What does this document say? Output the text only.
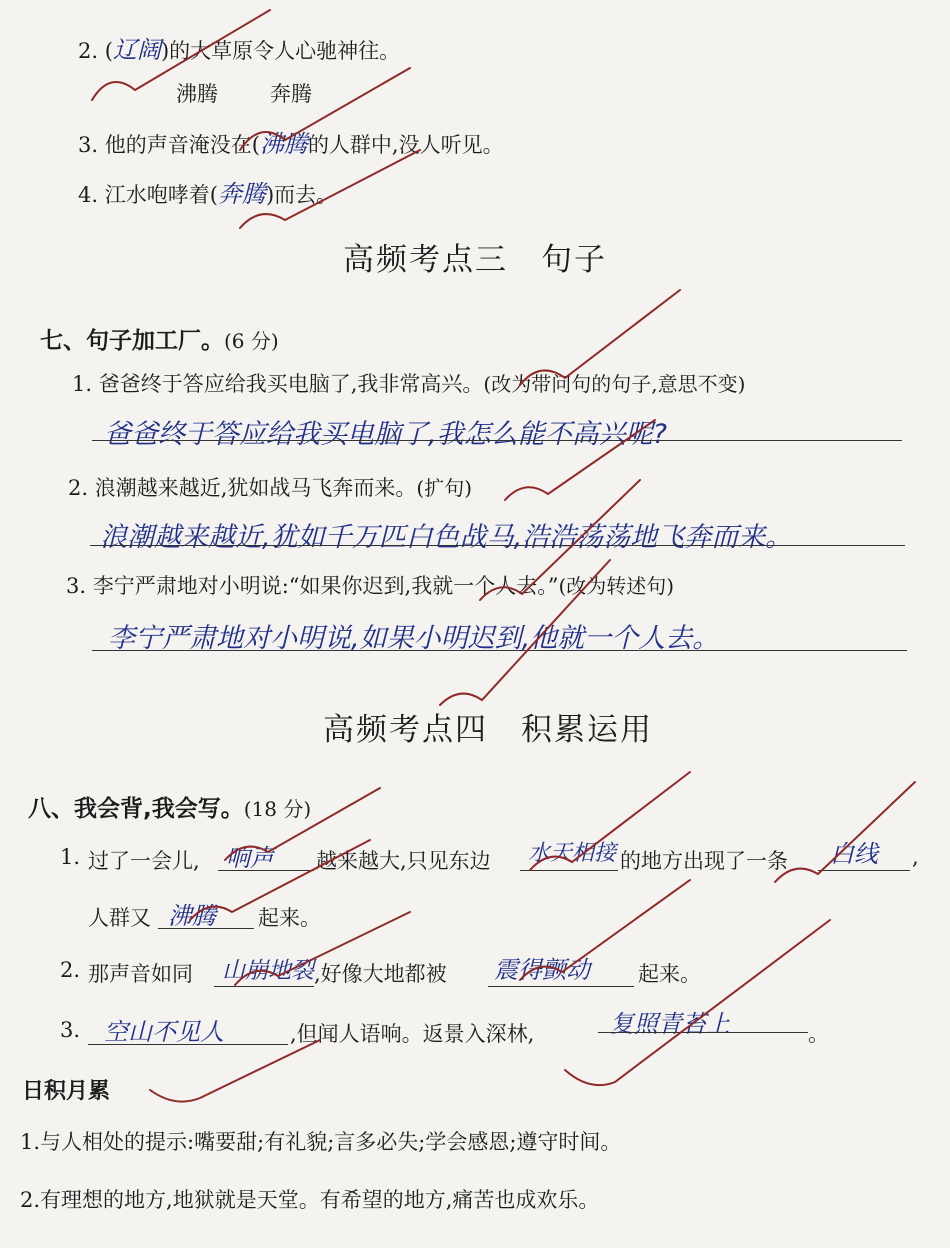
2. (辽阔)的大草原令人心驰神往。
沸腾 奔腾
3. 他的声音淹没在(沸腾的人群中,没人听见。
4. 江水咆哮着(奔腾)而去。
高频考点三　句子
七、句子加工厂。(6 分)
1. 爸爸终于答应给我买电脑了,我非常高兴。(改为带问句的句子,意思不变)
爸爸终于答应给我买电脑了,我怎么能不高兴呢?
2. 浪潮越来越近,犹如战马飞奔而来。(扩句)
浪潮越来越近,犹如千万匹白色战马,浩浩荡荡地飞奔而来。
3. 李宁严肃地对小明说:“如果你迟到,我就一个人去。”(改为转述句)
李宁严肃地对小明说,如果小明迟到,他就一个人去。
高频考点四　积累运用
八、我会背,我会写。(18 分)
1. 过了一会儿, 响声 越来越大,只见东边 水天相接 的地方出现了一条 白线 ,
人群又 沸腾 起来。
2. 那声音如同 山崩地裂 ,好像大地都被 震得颤动 起来。
3. 空山不见人	,但闻人语响。返景入深林,	复照青苔上	。
日积月累
1.与人相处的提示:嘴要甜;有礼貌;言多必失;学会感恩;遵守时间。
2.有理想的地方,地狱就是天堂。有希望的地方,痛苦也成欢乐。
